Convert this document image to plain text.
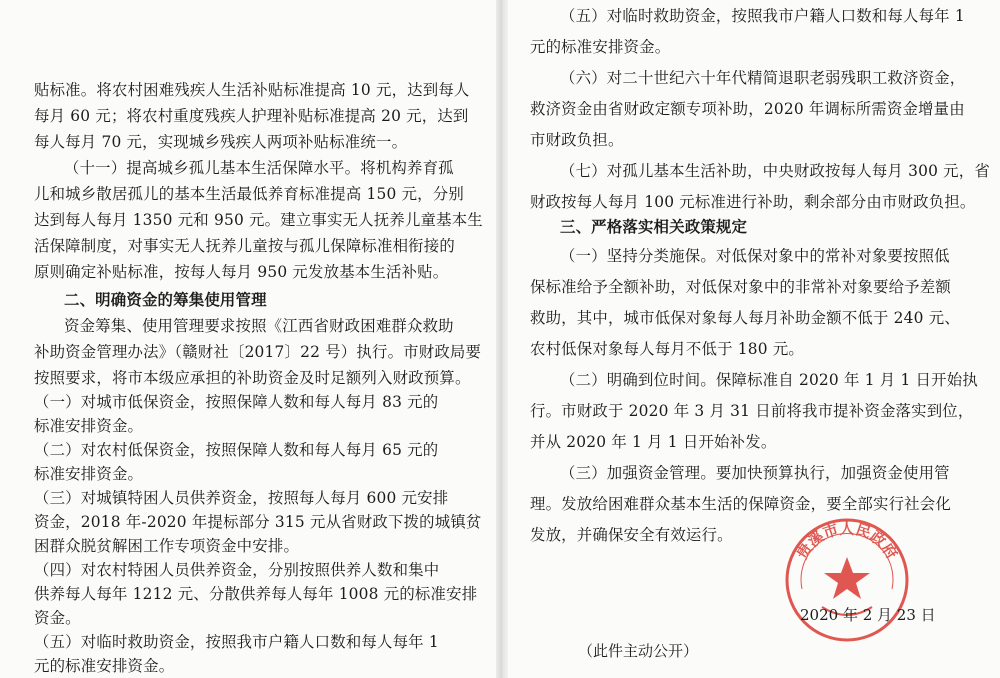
贴标准。将农村困难残疾人生活补贴标准提高 10 元，达到每人
每月 60 元；将农村重度残疾人护理补贴标准提高 20 元，达到
每人每月 70 元，实现城乡残疾人两项补贴标准统一。
（十一）提高城乡孤儿基本生活保障水平。将机构养育孤
儿和城乡散居孤儿的基本生活最低养育标准提高 150 元，分别
达到每人每月 1350 元和 950 元。建立事实无人抚养儿童基本生
活保障制度，对事实无人抚养儿童按与孤儿保障标准相衔接的
原则确定补贴标准，按每人每月 950 元发放基本生活补贴。
二、明确资金的筹集使用管理
资金筹集、使用管理要求按照《江西省财政困难群众救助
补助资金管理办法》（赣财社〔2017〕22 号）执行。市财政局要
按照要求，将市本级应承担的补助资金及时足额列入财政预算。
（一）对城市低保资金，按照保障人数和每人每月 83 元的
标准安排资金。
（二）对农村低保资金，按照保障人数和每人每月 65 元的
标准安排资金。
（三）对城镇特困人员供养资金，按照每人每月 600 元安排
资金，2018 年-2020 年提标部分 315 元从省财政下拨的城镇贫
困群众脱贫解困工作专项资金中安排。
（四）对农村特困人员供养资金，分别按照供养人数和集中
供养每人每年 1212 元、分散供养每人每年 1008 元的标准安排
资金。
（五）对临时救助资金，按照我市户籍人口数和每人每年 1
元的标准安排资金。
（五）对临时救助资金，按照我市户籍人口数和每人每年 1
元的标准安排资金。
（六）对二十世纪六十年代精简退职老弱残职工救济资金，
救济资金由省财政定额专项补助，2020 年调标所需资金增量由
市财政负担。
（七）对孤儿基本生活补助，中央财政按每人每月 300 元，省
财政按每人每月 100 元标准进行补助，剩余部分由市财政负担。
三、严格落实相关政策规定
（一）坚持分类施保。对低保对象中的常补对象要按照低
保标准给予全额补助，对低保对象中的非常补对象要给予差额
救助，其中，城市低保对象每人每月补助金额不低于 240 元、
农村低保对象每人每月不低于 180 元。
（二）明确到位时间。保障标准自 2020 年 1 月 1 日开始执
行。市财政于 2020 年 3 月 31 日前将我市提补资金落实到位，
并从 2020 年 1 月 1 日开始补发。
（三）加强资金管理。要加快预算执行，加强资金使用管
理。发放给困难群众基本生活的保障资金，要全部实行社会化
发放，并确保安全有效运行。
贵溪市人民政府
2020 年 2 月 23 日
（此件主动公开）
